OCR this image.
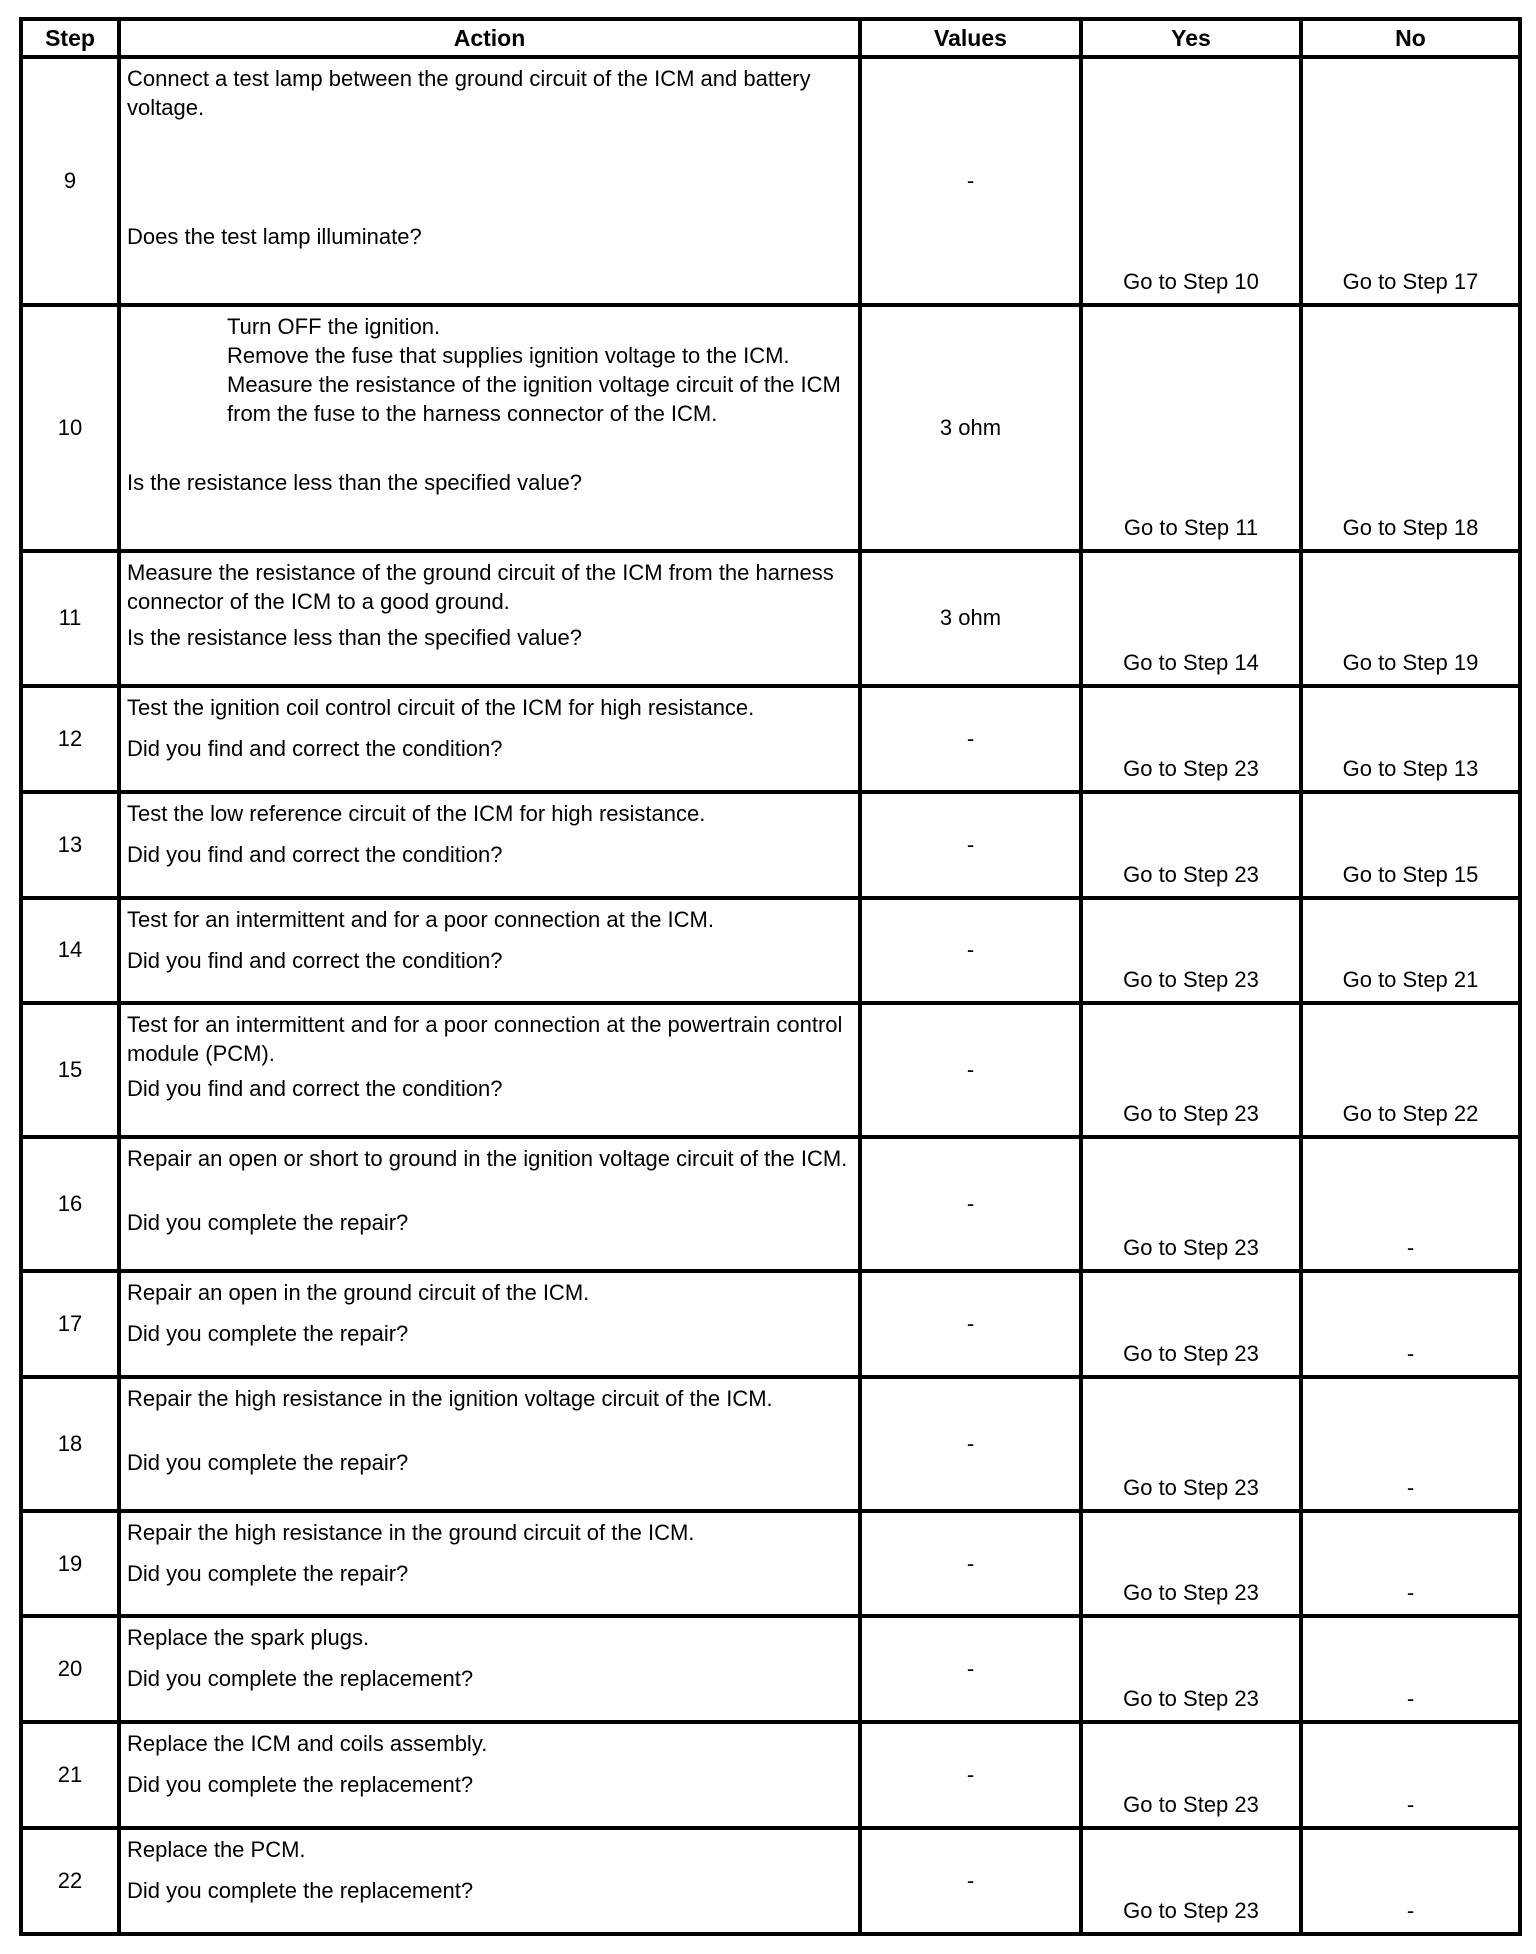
Step	Action	Values	Yes	No
9	Connect a test lamp between the ground circuit of the ICM and battery voltage.
Does the test lamp illuminate?	-	Go to Step 10	Go to Step 17

10	Turn OFF the ignition.
Remove the fuse that supplies ignition voltage to the ICM.
Measure the resistance of the ignition voltage circuit of the ICM from the fuse to the harness connector of the ICM.
Is the resistance less than the specified value?	3 ohm	Go to Step 11	Go to Step 18

11	Measure the resistance of the ground circuit of the ICM from the harness connector of the ICM to a good ground.
Is the resistance less than the specified value?	3 ohm	Go to Step 14	Go to Step 19

12	Test the ignition coil control circuit of the ICM for high resistance.
Did you find and correct the condition?	-	Go to Step 23	Go to Step 13

13	Test the low reference circuit of the ICM for high resistance.
Did you find and correct the condition?	-	Go to Step 23	Go to Step 15

14	Test for an intermittent and for a poor connection at the ICM.
Did you find and correct the condition?	-	Go to Step 23	Go to Step 21

15	Test for an intermittent and for a poor connection at the powertrain control module (PCM).
Did you find and correct the condition?	-	Go to Step 23	Go to Step 22

16	Repair an open or short to ground in the ignition voltage circuit of the ICM.
Did you complete the repair?	-	Go to Step 23	-

17	Repair an open in the ground circuit of the ICM.
Did you complete the repair?	-	Go to Step 23	-

18	Repair the high resistance in the ignition voltage circuit of the ICM.
Did you complete the repair?	-	Go to Step 23	-

19	Repair the high resistance in the ground circuit of the ICM.
Did you complete the repair?	-	Go to Step 23	-

20	Replace the spark plugs.
Did you complete the replacement?	-	Go to Step 23	-

21	Replace the ICM and coils assembly.
Did you complete the replacement?	-	Go to Step 23	-

22	Replace the PCM.
Did you complete the replacement?	-	Go to Step 23	-
